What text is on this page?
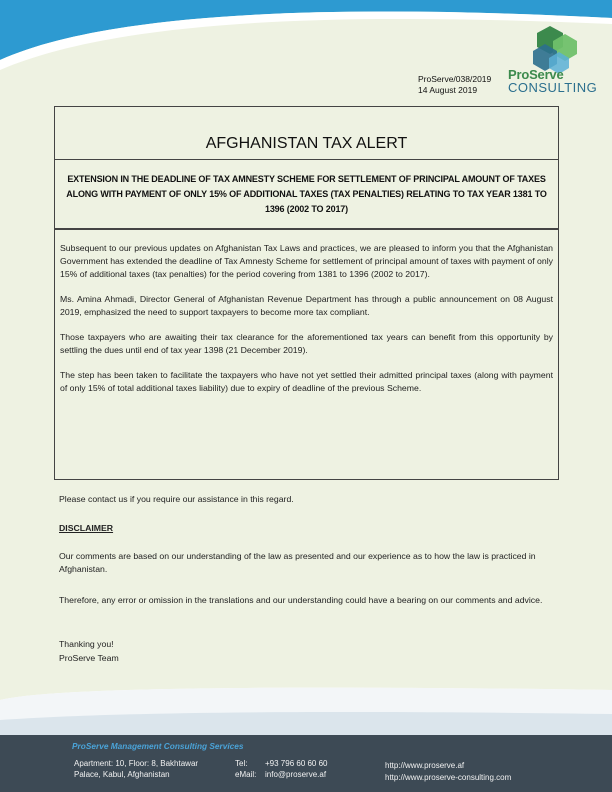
ProServe
CONSULTING
ProServe/038/2019
14 August 2019
AFGHANISTAN TAX ALERT
EXTENSION IN THE DEADLINE OF TAX AMNESTY SCHEME FOR SETTLEMENT OF PRINCIPAL AMOUNT OF TAXES ALONG WITH PAYMENT OF ONLY 15% OF ADDITIONAL TAXES (TAX PENALTIES) RELATING TO TAX YEAR 1381 TO 1396 (2002 TO 2017)

Subsequent to our previous updates on Afghanistan Tax Laws and practices, we are pleased to inform you that the Afghanistan Government has extended the deadline of Tax Amnesty Scheme for settlement of principal amount of taxes with payment of only 15% of additional taxes (tax penalties) for the period covering from 1381 to 1396 (2002 to 2017).

Ms. Amina Ahmadi, Director General of Afghanistan Revenue Department has through a public announcement on 08 August 2019, emphasized the need to support taxpayers to become more tax compliant.

Those taxpayers who are awaiting their tax clearance for the aforementioned tax years can benefit from this opportunity by settling the dues until end of tax year 1398 (21 December 2019).

The step has been taken to facilitate the taxpayers who have not yet settled their admitted principal taxes (along with payment of only 15% of total additional taxes liability) due to expiry of deadline of the previous Scheme.

Please contact us if you require our assistance in this regard.
DISCLAIMER
Our comments are based on our understanding of the law as presented and our experience as to how the law is practiced in Afghanistan.
Therefore, any error or omission in the translations and our understanding could have a bearing on our comments and advice.
Thanking you!
ProServe Team
ProServe Management Consulting Services
Apartment: 10, Floor: 8, Bakhtawar
Palace, Kabul, Afghanistan
Tel: +93 796 60 60 60
eMail: info@proserve.af
http://www.proserve.af
http://www.proserve-consulting.com
